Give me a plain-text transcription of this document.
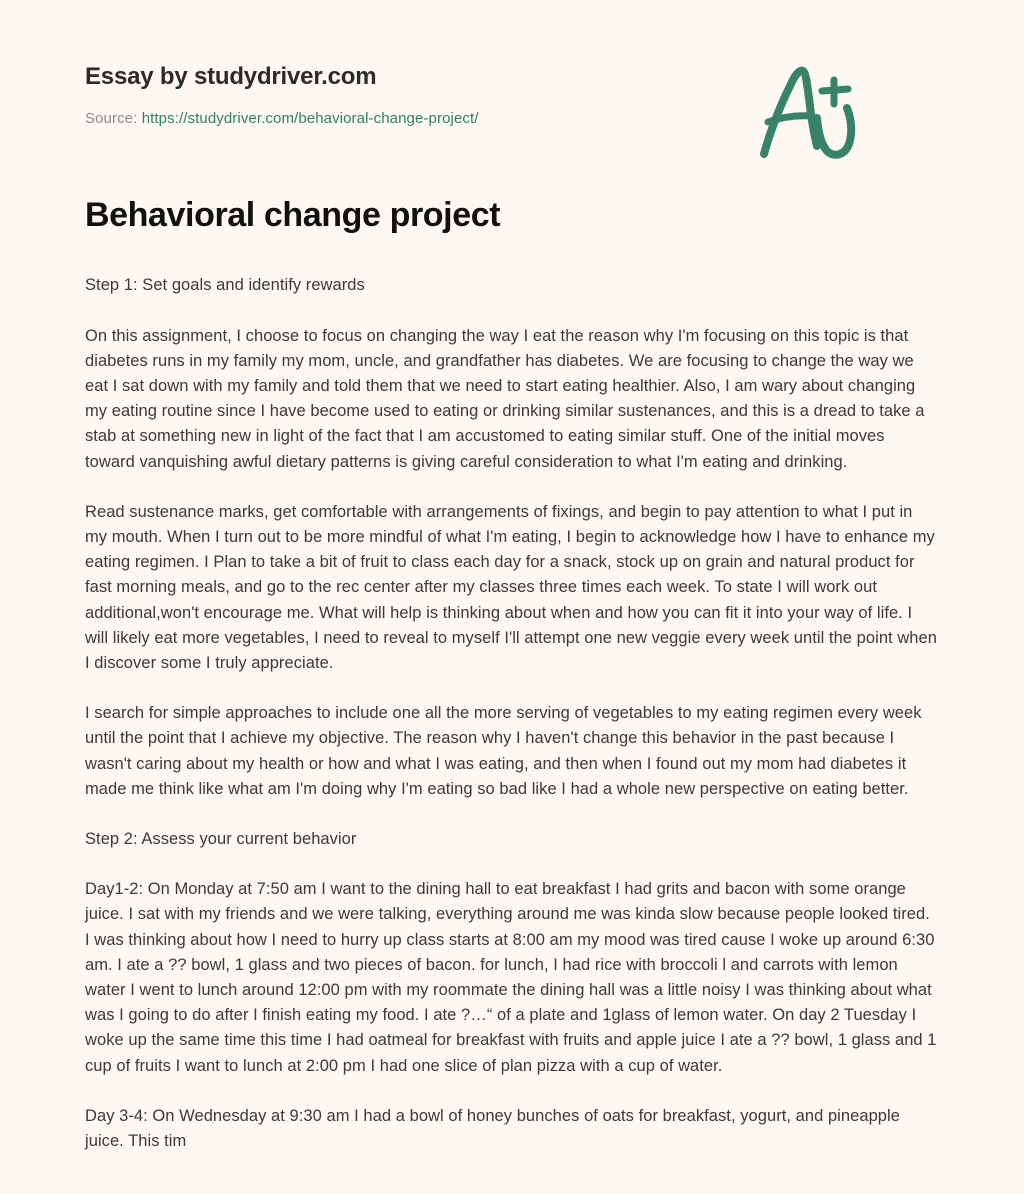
Essay by studydriver.com
Source: https://studydriver.com/behavioral-change-project/
Behavioral change project

Step 1: Set goals and identify rewards

On this assignment, I choose to focus on changing the way I eat the reason why I'm focusing on this topic is that diabetes runs in my family my mom, uncle, and grandfather has diabetes. We are focusing to change the way we eat I sat down with my family and told them that we need to start eating healthier. Also, I am wary about changing my eating routine since I have become used to eating or drinking similar sustenances, and this is a dread to take a stab at something new in light of the fact that I am accustomed to eating similar stuff. One of the initial moves toward vanquishing awful dietary patterns is giving careful consideration to what I'm eating and drinking.

Read sustenance marks, get comfortable with arrangements of fixings, and begin to pay attention to what I put in my mouth. When I turn out to be more mindful of what I'm eating, I begin to acknowledge how I have to enhance my eating regimen. I Plan to take a bit of fruit to class each day for a snack, stock up on grain and natural product for fast morning meals, and go to the rec center after my classes three times each week. To state I will work out additional,won't encourage me. What will help is thinking about when and how you can fit it into your way of life. I will likely eat more vegetables, I need to reveal to myself I'll attempt one new veggie every week until the point when I discover some I truly appreciate.

I search for simple approaches to include one all the more serving of vegetables to my eating regimen every week until the point that I achieve my objective. The reason why I haven't change this behavior in the past because I wasn't caring about my health or how and what I was eating, and then when I found out my mom had diabetes it made me think like what am I'm doing why I'm eating so bad like I had a whole new perspective on eating better.

Step 2: Assess your current behavior

Day1-2: On Monday at 7:50 am I want to the dining hall to eat breakfast I had grits and bacon with some orange juice. I sat with my friends and we were talking, everything around me was kinda slow because people looked tired. I was thinking about how I need to hurry up class starts at 8:00 am my mood was tired cause I woke up around 6:30 am. I ate a ?? bowl, 1 glass and two pieces of bacon. for lunch, I had rice with broccoli l and carrots with lemon water I went to lunch around 12:00 pm with my roommate the dining hall was a little noisy I was thinking about what was I going to do after I finish eating my food. I ate ?…“ of a plate and 1glass of lemon water. On day 2 Tuesday I woke up the same time this time I had oatmeal for breakfast with fruits and apple juice I ate a ?? bowl, 1 glass and 1 cup of fruits I want to lunch at 2:00 pm I had one slice of plan pizza with a cup of water.

Day 3-4: On Wednesday at 9:30 am I had a bowl of honey bunches of oats for breakfast, yogurt, and pineapple juice. This tim
